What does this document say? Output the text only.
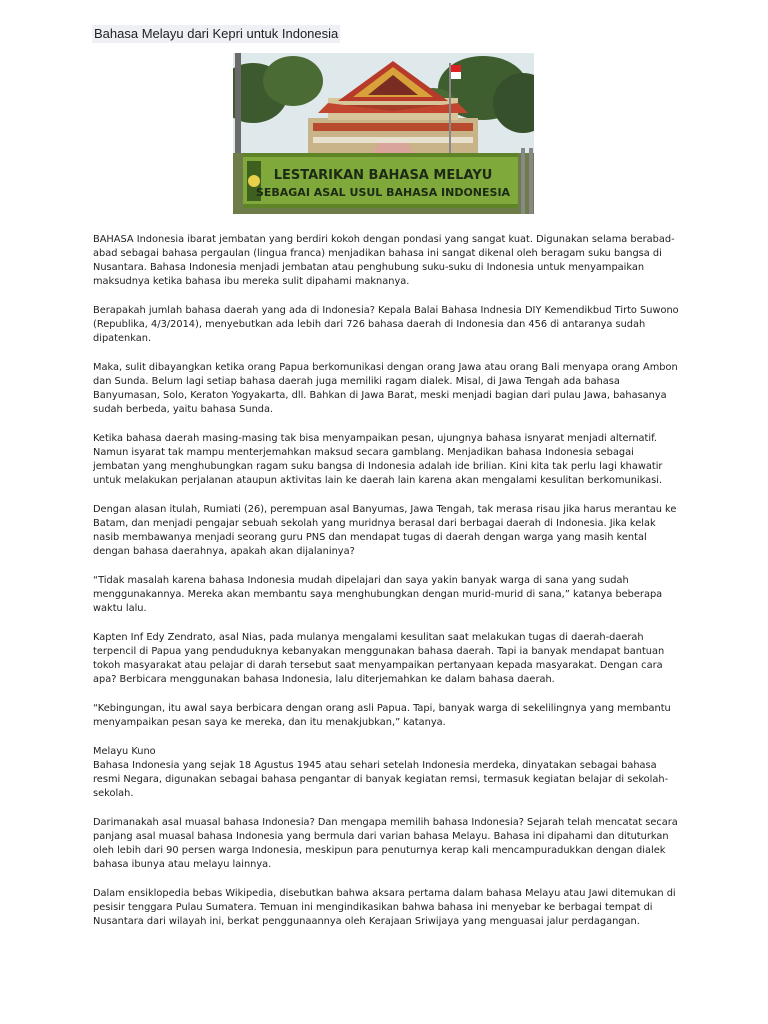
Bahasa Melayu dari Kepri untuk Indonesia
LESTARIKAN BAHASA MELAYU
SEBAGAI ASAL USUL BAHASA INDONESIA

BAHASA Indonesia ibarat jembatan yang berdiri kokoh dengan pondasi yang sangat kuat. Digunakan selama berabad-abad sebagai bahasa pergaulan (lingua franca) menjadikan bahasa ini sangat dikenal oleh beragam suku bangsa di Nusantara. Bahasa Indonesia menjadi jembatan atau penghubung suku-suku di Indonesia untuk menyampaikan maksudnya ketika bahasa ibu mereka sulit dipahami maknanya.

Berapakah jumlah bahasa daerah yang ada di Indonesia? Kepala Balai Bahasa Indnesia DIY Kemendikbud Tirto Suwono (Republika, 4/3/2014), menyebutkan ada lebih dari 726 bahasa daerah di Indonesia dan 456 di antaranya sudah dipatenkan.

Maka, sulit dibayangkan ketika orang Papua berkomunikasi dengan orang Jawa atau orang Bali menyapa orang Ambon dan Sunda. Belum lagi setiap bahasa daerah juga memiliki ragam dialek. Misal, di Jawa Tengah ada bahasa Banyumasan, Solo, Keraton Yogyakarta, dll. Bahkan di Jawa Barat, meski menjadi bagian dari pulau Jawa, bahasanya sudah berbeda, yaitu bahasa Sunda.

Ketika bahasa daerah masing-masing tak bisa menyampaikan pesan, ujungnya bahasa isnyarat menjadi alternatif. Namun isyarat tak mampu menterjemahkan maksud secara gamblang. Menjadikan bahasa Indonesia sebagai jembatan yang menghubungkan ragam suku bangsa di Indonesia adalah ide brilian. Kini kita tak perlu lagi khawatir untuk melakukan perjalanan ataupun aktivitas lain ke daerah lain karena akan mengalami kesulitan berkomunikasi.

Dengan alasan itulah, Rumiati (26), perempuan asal Banyumas, Jawa Tengah, tak merasa risau jika harus merantau ke Batam, dan menjadi pengajar sebuah sekolah yang muridnya berasal dari berbagai daerah di Indonesia. Jika kelak nasib membawanya menjadi seorang guru PNS dan mendapat tugas di daerah dengan warga yang masih kental dengan bahasa daerahnya, apakah akan dijalaninya?

“Tidak masalah karena bahasa Indonesia mudah dipelajari dan saya yakin banyak warga di sana yang sudah menggunakannya. Mereka akan membantu saya menghubungkan dengan murid-murid di sana,” katanya beberapa waktu lalu.

Kapten Inf Edy Zendrato, asal Nias, pada mulanya mengalami kesulitan saat melakukan tugas di daerah-daerah terpencil di Papua yang penduduknya kebanyakan menggunakan bahasa daerah. Tapi ia banyak mendapat bantuan tokoh masyarakat atau pelajar di darah tersebut saat menyampaikan pertanyaan kepada masyarakat. Dengan cara apa? Berbicara menggunakan bahasa Indonesia, lalu diterjemahkan ke dalam bahasa daerah.

“Kebingungan, itu awal saya berbicara dengan orang asli Papua. Tapi, banyak warga di sekelilingnya yang membantu menyampaikan pesan saya ke mereka, dan itu menakjubkan,” katanya.

Melayu Kuno

Bahasa Indonesia yang sejak 18 Agustus 1945 atau sehari setelah Indonesia merdeka, dinyatakan sebagai bahasa resmi Negara, digunakan sebagai bahasa pengantar di banyak kegiatan remsi, termasuk kegiatan belajar di sekolah-sekolah.

Darimanakah asal muasal bahasa Indonesia? Dan mengapa memilih bahasa Indonesia? Sejarah telah mencatat secara panjang asal muasal bahasa Indonesia yang bermula dari varian bahasa Melayu. Bahasa ini dipahami dan dituturkan oleh lebih dari 90 persen warga Indonesia, meskipun para penuturnya kerap kali mencampuradukkan dengan dialek bahasa ibunya atau melayu lainnya.

Dalam ensiklopedia bebas Wikipedia, disebutkan bahwa aksara pertama dalam bahasa Melayu atau Jawi ditemukan di pesisir tenggara Pulau Sumatera. Temuan ini mengindikasikan bahwa bahasa ini menyebar ke berbagai tempat di Nusantara dari wilayah ini, berkat penggunaannya oleh Kerajaan Sriwijaya yang menguasai jalur perdagangan.
